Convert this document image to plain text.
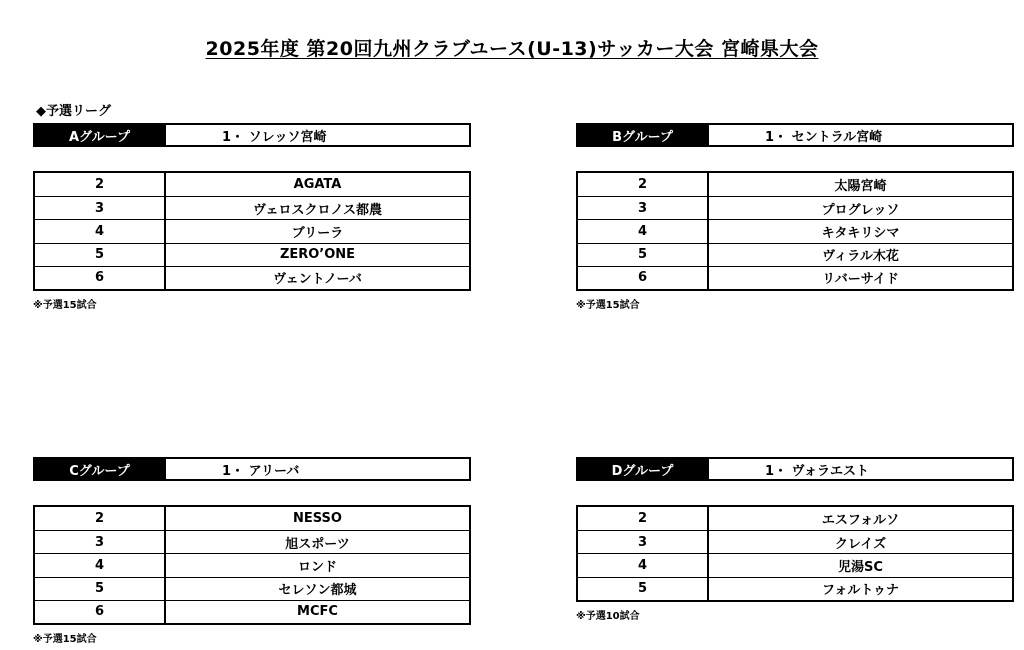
2025年度 第20回九州クラブユース(U-13)サッカー大会 宮崎県大会
◆予選リーグ
Aグループ	1・ ソレッソ宮崎
2	AGATA
3	ヴェロスクロノス都農
4	ブリーラ
5	ZERO’ONE
6	ヴェントノーバ
※予選15試合
Bグループ	1・ セントラル宮崎
2	太陽宮崎
3	プログレッソ
4	キタキリシマ
5	ヴィラル木花
6	リバーサイド
※予選15試合
Cグループ	1・ アリーバ
2	NESSO
3	旭スポーツ
4	ロンド
5	セレソン都城
6	MCFC
※予選15試合
Dグループ	1・ ヴォラエスト
2	エスフォルソ
3	クレイズ
4	児湯SC
5	フォルトゥナ
※予選10試合
